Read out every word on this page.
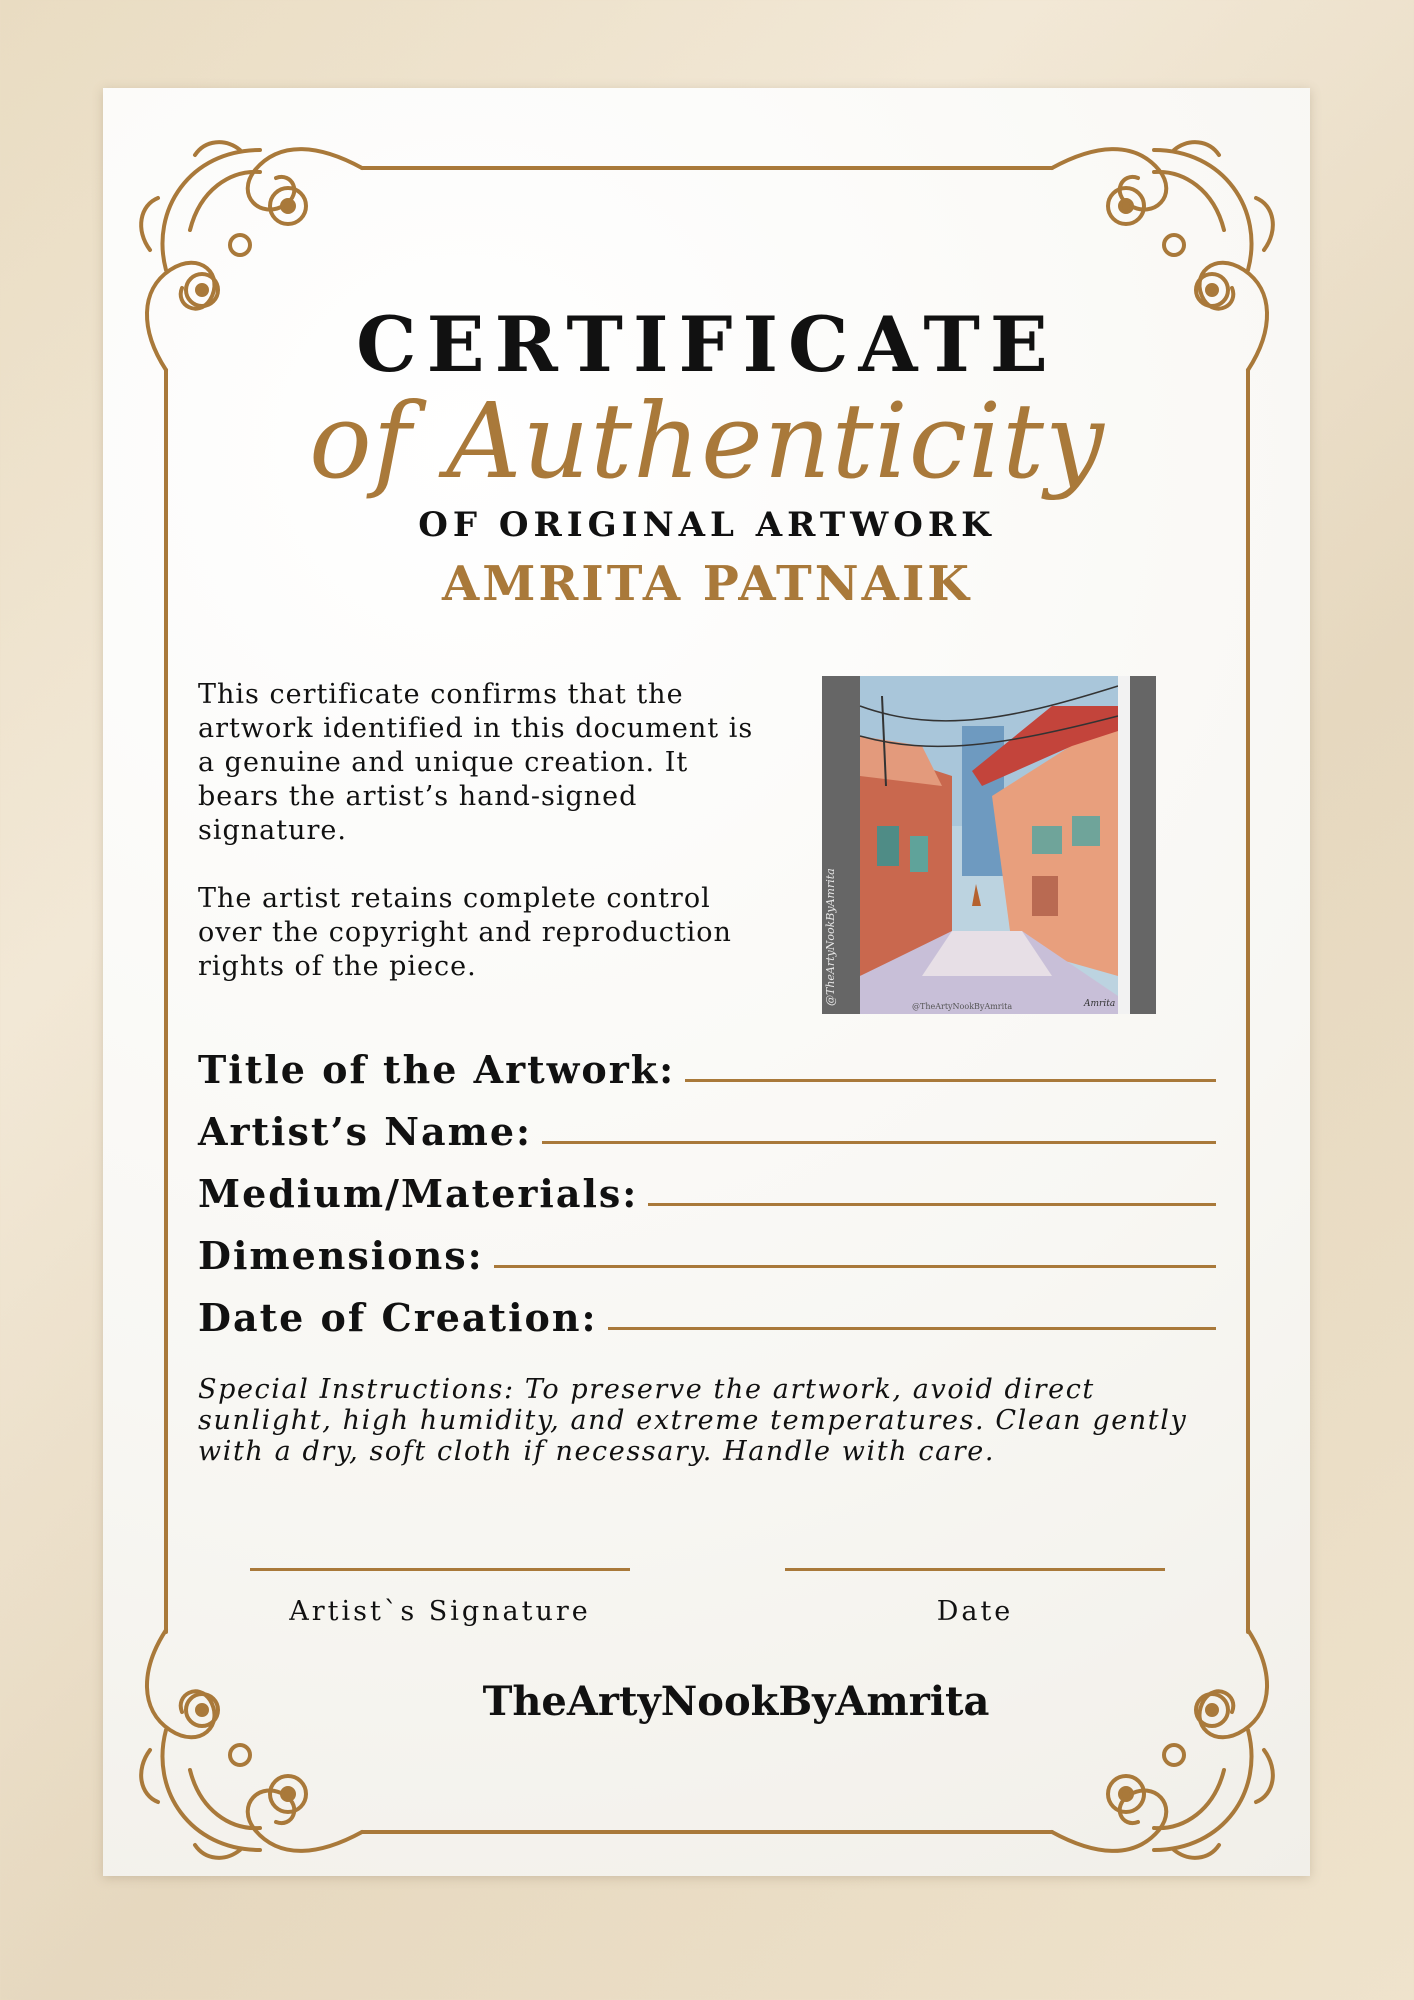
CERTIFICATE
of Authenticity
OF ORIGINAL ARTWORK
AMRITA PATNAIK

This certificate confirms that the artwork identified in this document is a genuine and unique creation. It bears the artist’s hand-signed signature.

The artist retains complete control over the copyright and reproduction rights of the piece.	@TheArtyNookByAmrita
@TheArtyNookByAmrita	Amrita
Title of the Artwork:
Artist’s Name:
Medium/Materials:
Dimensions:
Date of Creation:

Special Instructions: To preserve the artwork, avoid direct sunlight, high humidity, and extreme temperatures. Clean gently with a dry, soft cloth if necessary. Handle with care.

Artist`s Signature	Date
TheArtyNookByAmrita
